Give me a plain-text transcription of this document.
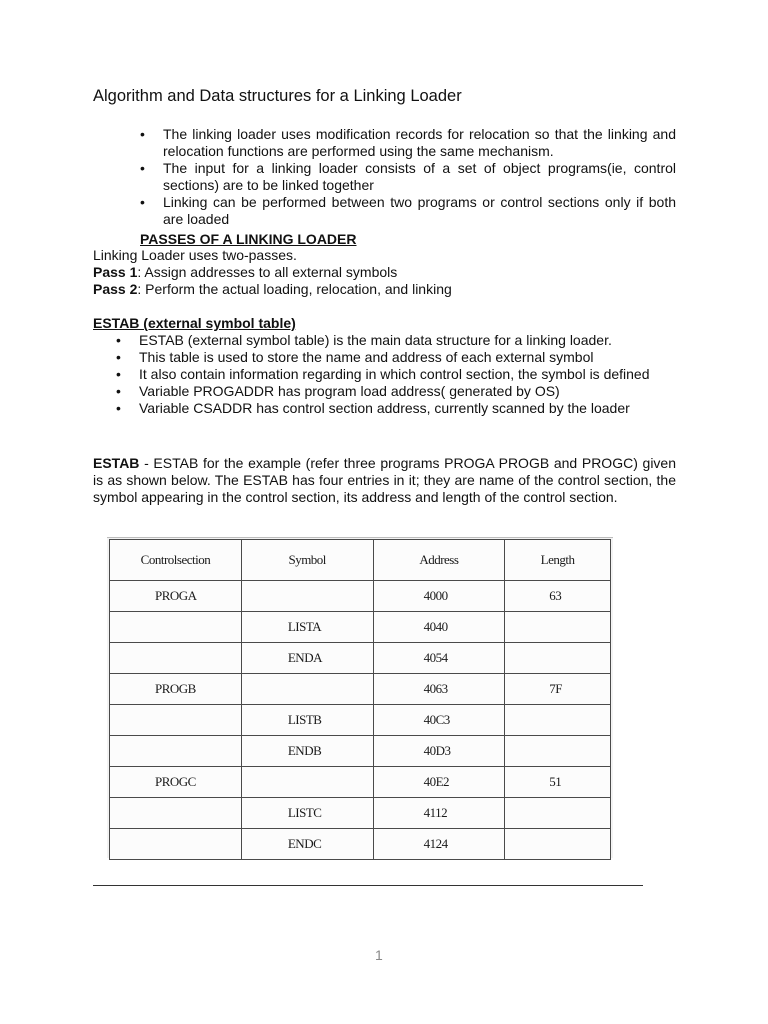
Algorithm and Data structures for a Linking Loader
• The linking loader uses modification records for relocation so that the linking and relocation functions are performed using the same mechanism.
• The input for a linking loader consists of a set of object programs(ie, control sections) are to be linked together
• Linking can be performed between two programs or control sections only if both are loaded
PASSES OF A LINKING LOADER
Linking Loader uses two-passes.
Pass 1: Assign addresses to all external symbols
Pass 2: Perform the actual loading, relocation, and linking
ESTAB (external symbol table)
• ESTAB (external symbol table) is the main data structure for a linking loader.
• This table is used to store the name and address of each external symbol
• It also contain information regarding in which control section, the symbol is defined
• Variable PROGADDR has program load address( generated by OS)
• Variable CSADDR has control section address, currently scanned by the loader

ESTAB - ESTAB for the example (refer three programs PROGA PROGB and PROGC) given is as shown below. The ESTAB has four entries in it; they are name of the control section, the symbol appearing in the control section, its address and length of the control section.

Controlsection	Symbol	Address	Length
PROGA		4000	63
	LISTA	4040	
	ENDA	4054	
PROGB		4063	7F
	LISTB	40C3	
	ENDB	40D3	
PROGC		40E2	51
	LISTC	4112	
	ENDC	4124	
1
